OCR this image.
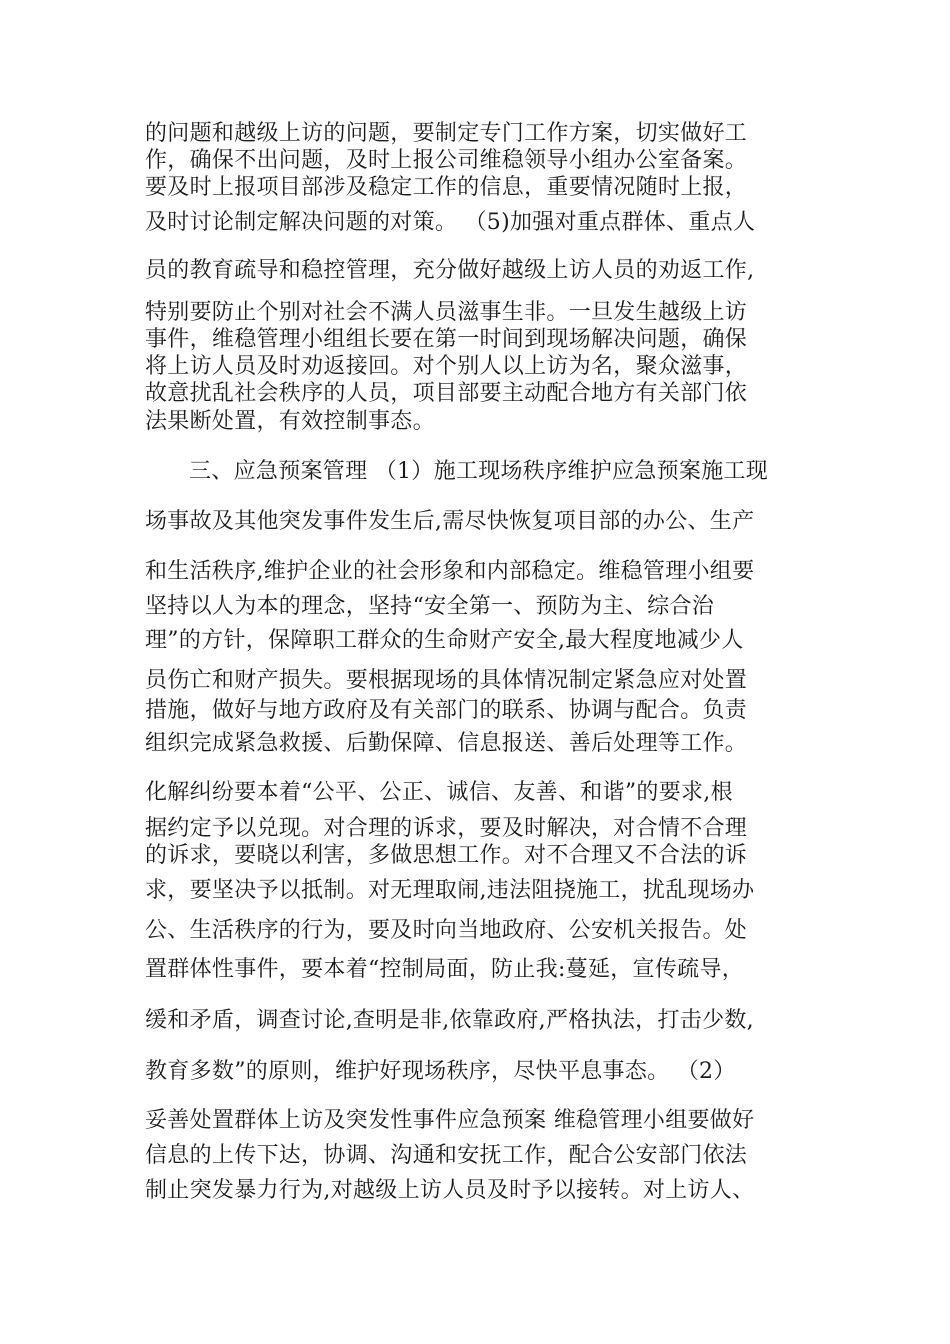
的问题和越级上访的问题，要制定专门工作方案，切实做好工
作，确保不出问题，及时上报公司维稳领导小组办公室备案。
要及时上报项目部涉及稳定工作的信息，重要情况随时上报，
及时讨论制定解决问题的对策。 （5)加强对重点群体、重点人
员的教育疏导和稳控管理，充分做好越级上访人员的劝返工作,
特别要防止个别对社会不满人员滋事生非。一旦发生越级上访
事件，维稳管理小组组长要在第一时间到现场解决问题，确保
将上访人员及时劝返接回。对个别人以上访为名，聚众滋事，
故意扰乱社会秩序的人员，项目部要主动配合地方有关部门依
法果断处置，有效控制事态。
三、应急预案管理 （1）施工现场秩序维护应急预案施工现
场事故及其他突发事件发生后,需尽快恢复项目部的办公、生产
和生活秩序,维护企业的社会形象和内部稳定。维稳管理小组要
坚持以人为本的理念，坚持“安全第一、预防为主、综合治
理”的方针，保障职工群众的生命财产安全,最大程度地减少人
员伤亡和财产损失。要根据现场的具体情况制定紧急应对处置
措施，做好与地方政府及有关部门的联系、协调与配合。负责
组织完成紧急救援、后勤保障、信息报送、善后处理等工作。
化解纠纷要本着“公平、公正、诚信、友善、和谐”的要求,根
据约定予以兑现。对合理的诉求，要及时解决，对合情不合理
的诉求，要晓以利害，多做思想工作。对不合理又不合法的诉
求，要坚决予以抵制。对无理取闹,违法阻挠施工，扰乱现场办
公、生活秩序的行为，要及时向当地政府、公安机关报告。处
置群体性事件，要本着“控制局面，防止我:蔓延，宣传疏导，
缓和矛盾，调查讨论,查明是非,依靠政府,严格执法，打击少数,
教育多数”的原则，维护好现场秩序，尽快平息事态。 （2）
妥善处置群体上访及突发性事件应急预案 维稳管理小组要做好
信息的上传下达，协调、沟通和安抚工作，配合公安部门依法
制止突发暴力行为,对越级上访人员及时予以接转。对上访人、
